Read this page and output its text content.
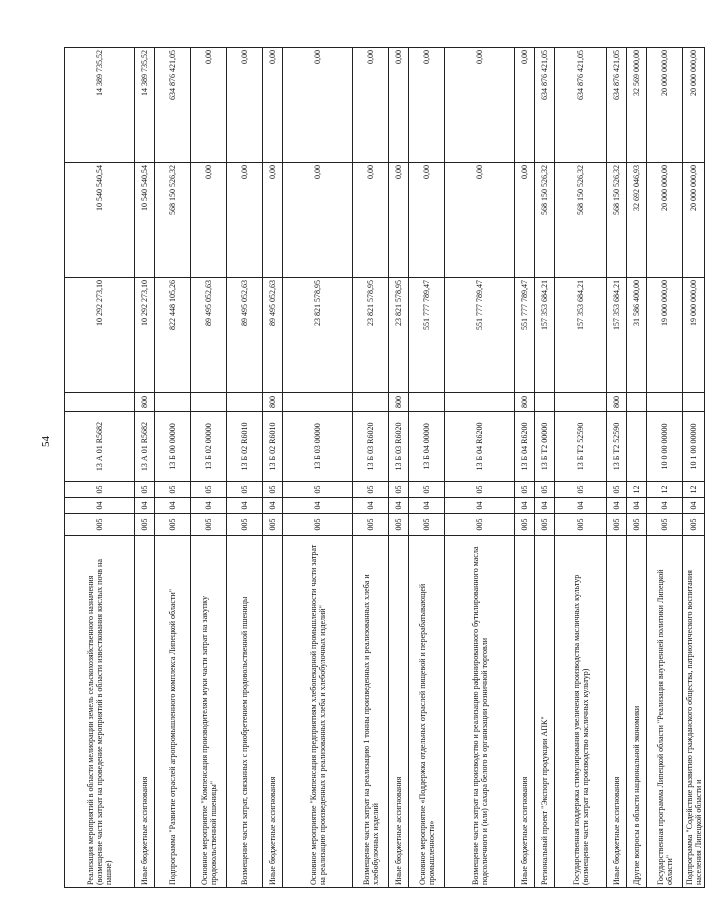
54
Реализация мероприятий в области мелиорации земель сельскохозяйственного назначения (возмещение части затрат на проведение мероприятий в области известкования кислых почв на пашне)	005	04	05	13 А 01 R5682		10 292 273,10	10 540 540,54	14 389 735,52
Иные бюджетные ассигнования	005	04	05	13 А 01 R5682	800	10 292 273,10	10 540 540,54	14 389 735,52
Подпрограмма "Развитие отраслей агропромышленного комплекса Липецкой области"	005	04	05	13 Б 00 00000		822 448 105,26	568 150 526,32	634 876 421,05
Основное мероприятие "Компенсация производителям муки части затрат на закупку продовольственной пшеницы"	005	04	05	13 Б 02 00000		89 495 052,63	0,00	0,00
Возмещение части затрат, связанных с приобретением продовольственной пшеницы	005	04	05	13 Б 02 R6010		89 495 052,63	0,00	0,00
Иные бюджетные ассигнования	005	04	05	13 Б 02 R6010	800	89 495 052,63	0,00	0,00
Основное мероприятие "Компенсация предприятиям хлебопекарной промышленности части затрат на реализацию произведенных и реализованных хлеба и хлебобулочных изделий"	005	04	05	13 Б 03 00000		23 821 578,95	0,00	0,00
Возмещение части затрат на реализацию 1 тонны произведенных и реализованных хлеба и хлебобулочных изделий	005	04	05	13 Б 03 R6020		23 821 578,95	0,00	0,00
Иные бюджетные ассигнования	005	04	05	13 Б 03 R6020	800	23 821 578,95	0,00	0,00
Основное мероприятие «Поддержка отдельных отраслей пищевой и перерабатывающей промышленности»	005	04	05	13 Б 04 00000		551 777 789,47	0,00	0,00
Возмещение части затрат на производство и реализацию рафинированного бутилированного масла подсолнечного и (или) сахара белого в организации розничной торговли	005	04	05	13 Б 04 R6200		551 777 789,47	0,00	0,00
Иные бюджетные ассигнования	005	04	05	13 Б 04 R6200	800	551 777 789,47	0,00	0,00
Региональный проект "Экспорт продукции АПК"	005	04	05	13 Б Т2 00000		157 353 684,21	568 150 526,32	634 876 421,05
Государственная поддержка стимулирования увеличения производства масличных культур (возмещение части затрат на производство масличных культур)	005	04	05	13 Б Т2 52590		157 353 684,21	568 150 526,32	634 876 421,05
Иные бюджетные ассигнования	005	04	05	13 Б Т2 52590	800	157 353 684,21	568 150 526,32	634 876 421,05
Другие вопросы в области национальной экономики	005	04	12			31 586 400,00	32 692 046,93	32 569 000,00
Государственная программа Липецкой области "Реализация внутренней политики Липецкой области"	005	04	12	10 0 00 00000		19 000 000,00	20 000 000,00	20 000 000,00
Подпрограмма "Содействие развитию гражданского общества, патриотического воспитания населения Липецкой области и	005	04	12	10 1 00 00000		19 000 000,00	20 000 000,00	20 000 000,00
